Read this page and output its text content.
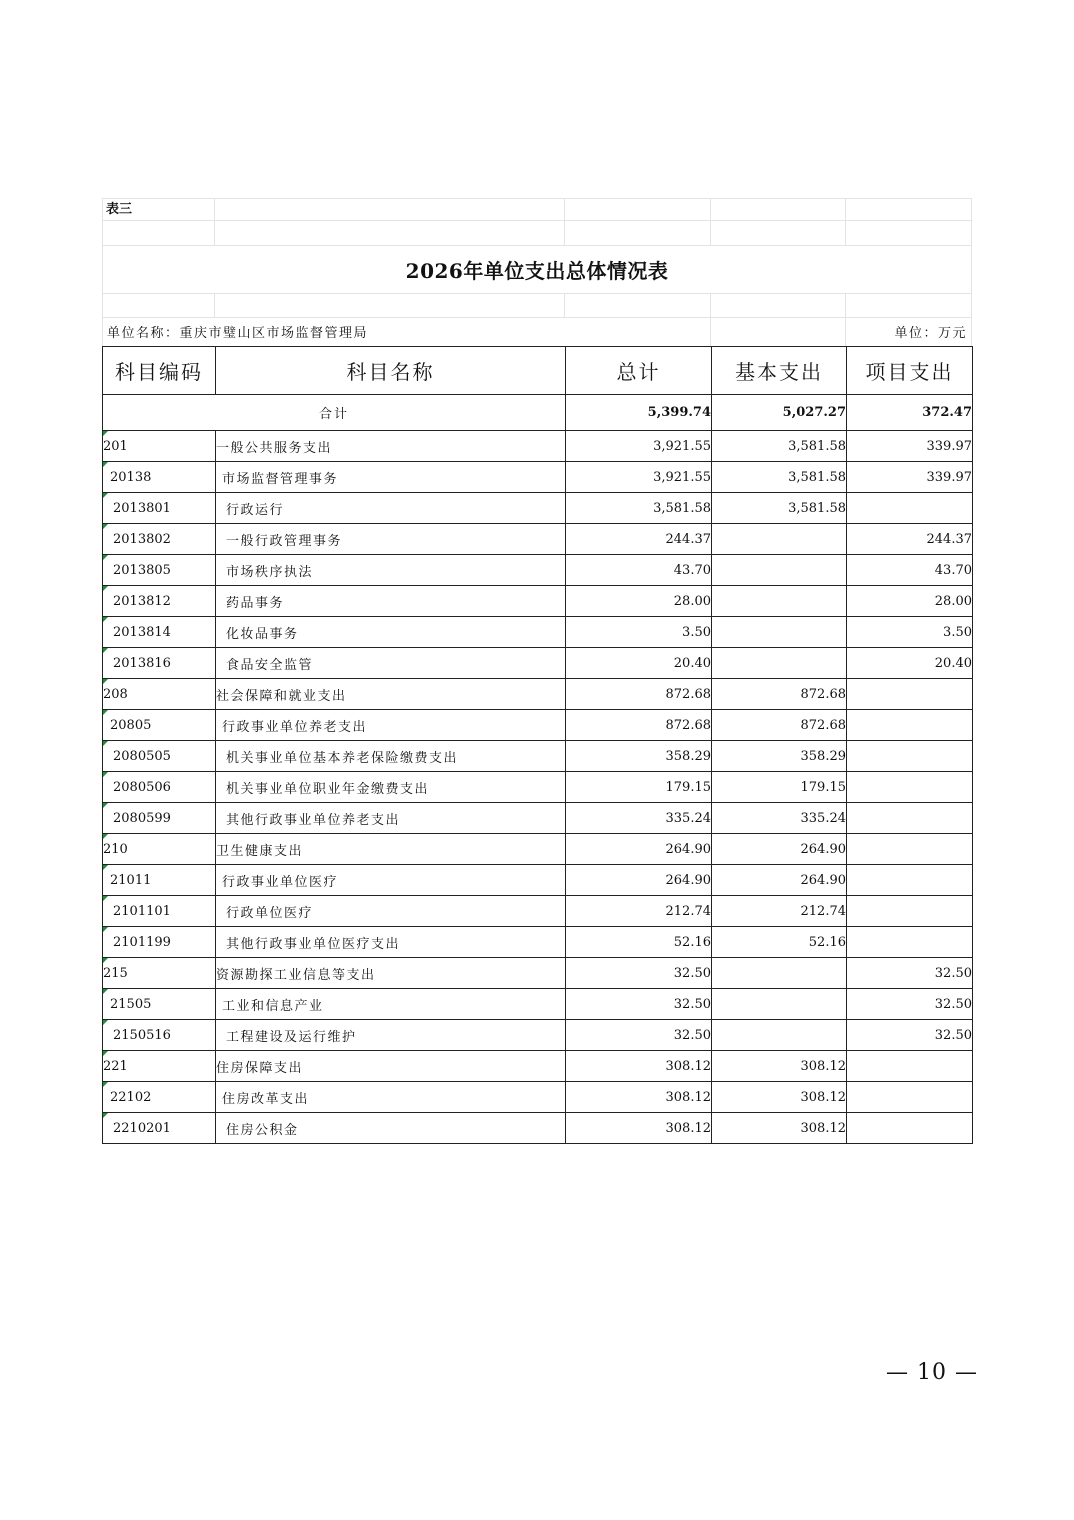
表三
2026年单位支出总体情况表
单位名称：重庆市璧山区市场监督管理局	单位：万元
科目编码	科目名称	总计	基本支出	项目支出
合计		5,399.74	5,027.27	372.47

201	一般公共服务支出	3,921.55	3,581.58	339.97

20138	市场监督管理事务	3,921.55	3,581.58	339.97

2013801	行政运行	3,581.58	3,581.58	

2013802	一般行政管理事务	244.37		244.37

2013805	市场秩序执法	43.70		43.70

2013812	药品事务	28.00		28.00

2013814	化妆品事务	3.50		3.50

2013816	食品安全监管	20.40		20.40

208	社会保障和就业支出	872.68	872.68	

20805	行政事业单位养老支出	872.68	872.68	

2080505	机关事业单位基本养老保险缴费支出	358.29	358.29	

2080506	机关事业单位职业年金缴费支出	179.15	179.15	

2080599	其他行政事业单位养老支出	335.24	335.24	

210	卫生健康支出	264.90	264.90	

21011	行政事业单位医疗	264.90	264.90	

2101101	行政单位医疗	212.74	212.74	

2101199	其他行政事业单位医疗支出	52.16	52.16	

215	资源勘探工业信息等支出	32.50		32.50

21505	工业和信息产业	32.50		32.50

2150516	工程建设及运行维护	32.50		32.50

221	住房保障支出	308.12	308.12	

22102	住房改革支出	308.12	308.12	

2210201	住房公积金	308.12	308.12	
— 10 —
